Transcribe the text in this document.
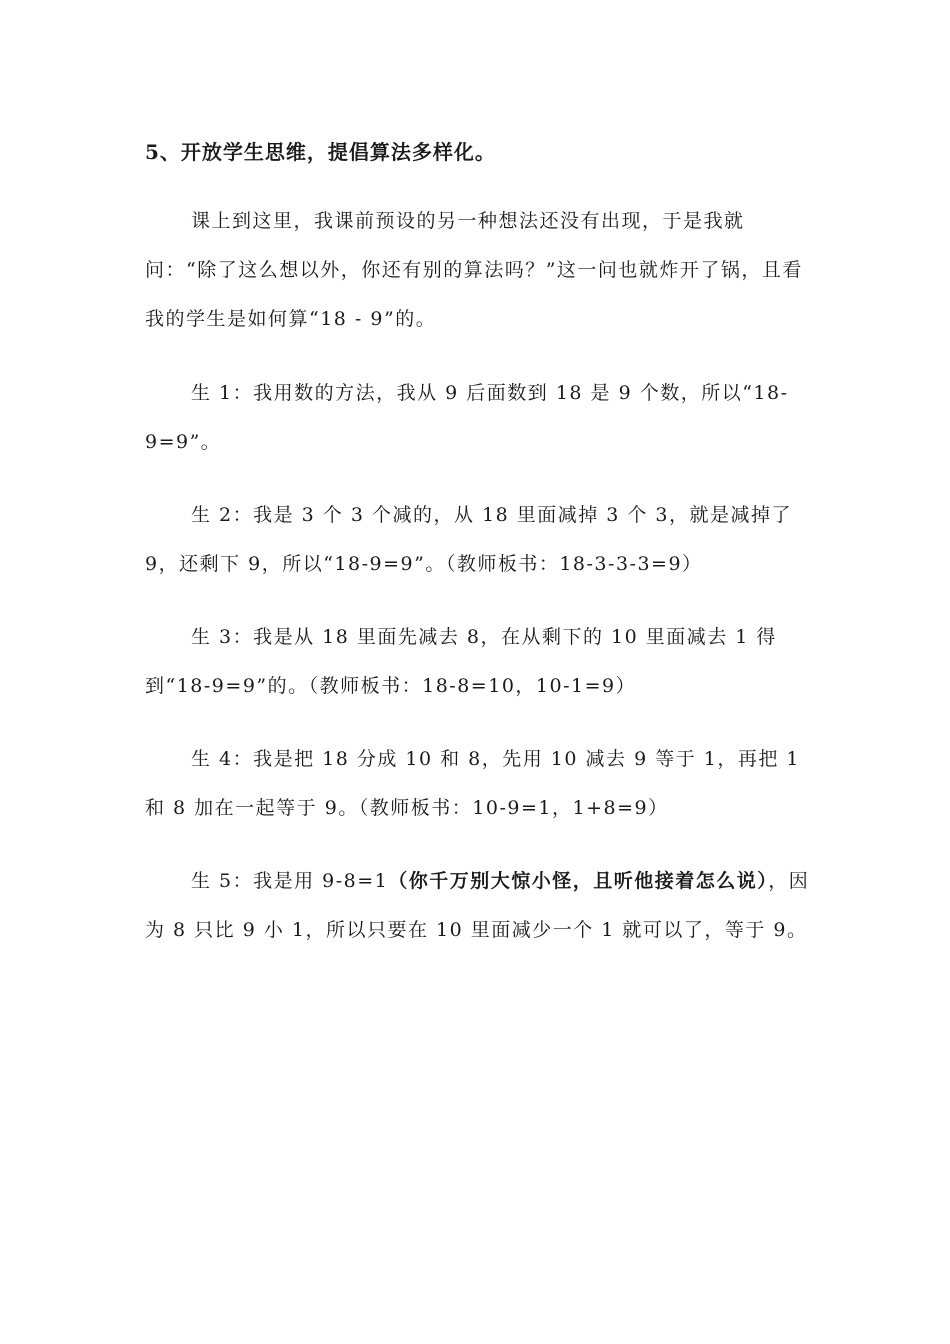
5、开放学生思维，提倡算法多样化。

课上到这里，我课前预设的另一种想法还没有出现，于是我就问：“除了这么想以外，你还有别的算法吗？”这一问也就炸开了锅，且看我的学生是如何算“18 - 9”的。

生 1：我用数的方法，我从 9 后面数到 18 是 9 个数，所以“18-9=9”。

生 2：我是 3 个 3 个减的，从 18 里面减掉 3 个 3，就是减掉了 9，还剩下 9，所以“18-9=9”。（教师板书：18-3-3-3=9）

生 3：我是从 18 里面先减去 8，在从剩下的 10 里面减去 1 得到“18-9=9”的。（教师板书：18-8=10，10-1=9）

生 4：我是把 18 分成 10 和 8，先用 10 减去 9 等于 1，再把 1 和 8 加在一起等于 9。（教师板书：10-9=1，1+8=9）

生 5：我是用 9-8=1（你千万别大惊小怪，且听他接着怎么说），因为 8 只比 9 小 1，所以只要在 10 里面减少一个 1 就可以了，等于 9。
